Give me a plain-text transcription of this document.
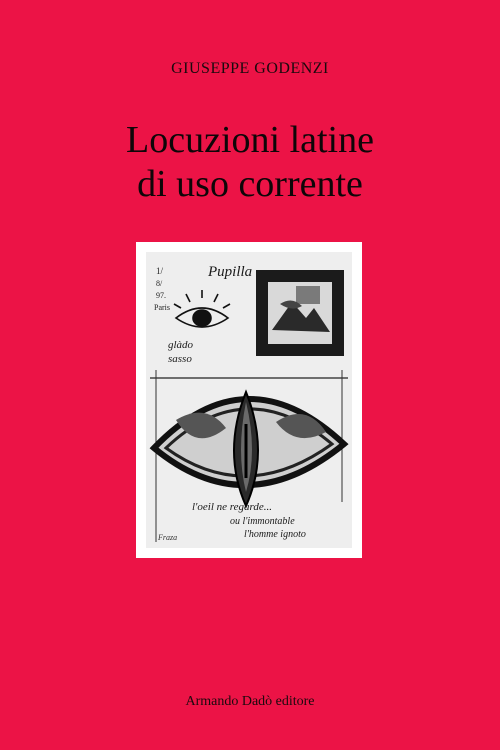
GIUSEPPE GODENZI
Locuzioni latine
di uso corrente
1/
8/
97.
Paris
Pupilla
glàdo
sasso
l'oeil ne regarde...
ou l'immontable
l'homme ignoto
Fraza
Armando Dadò editore
